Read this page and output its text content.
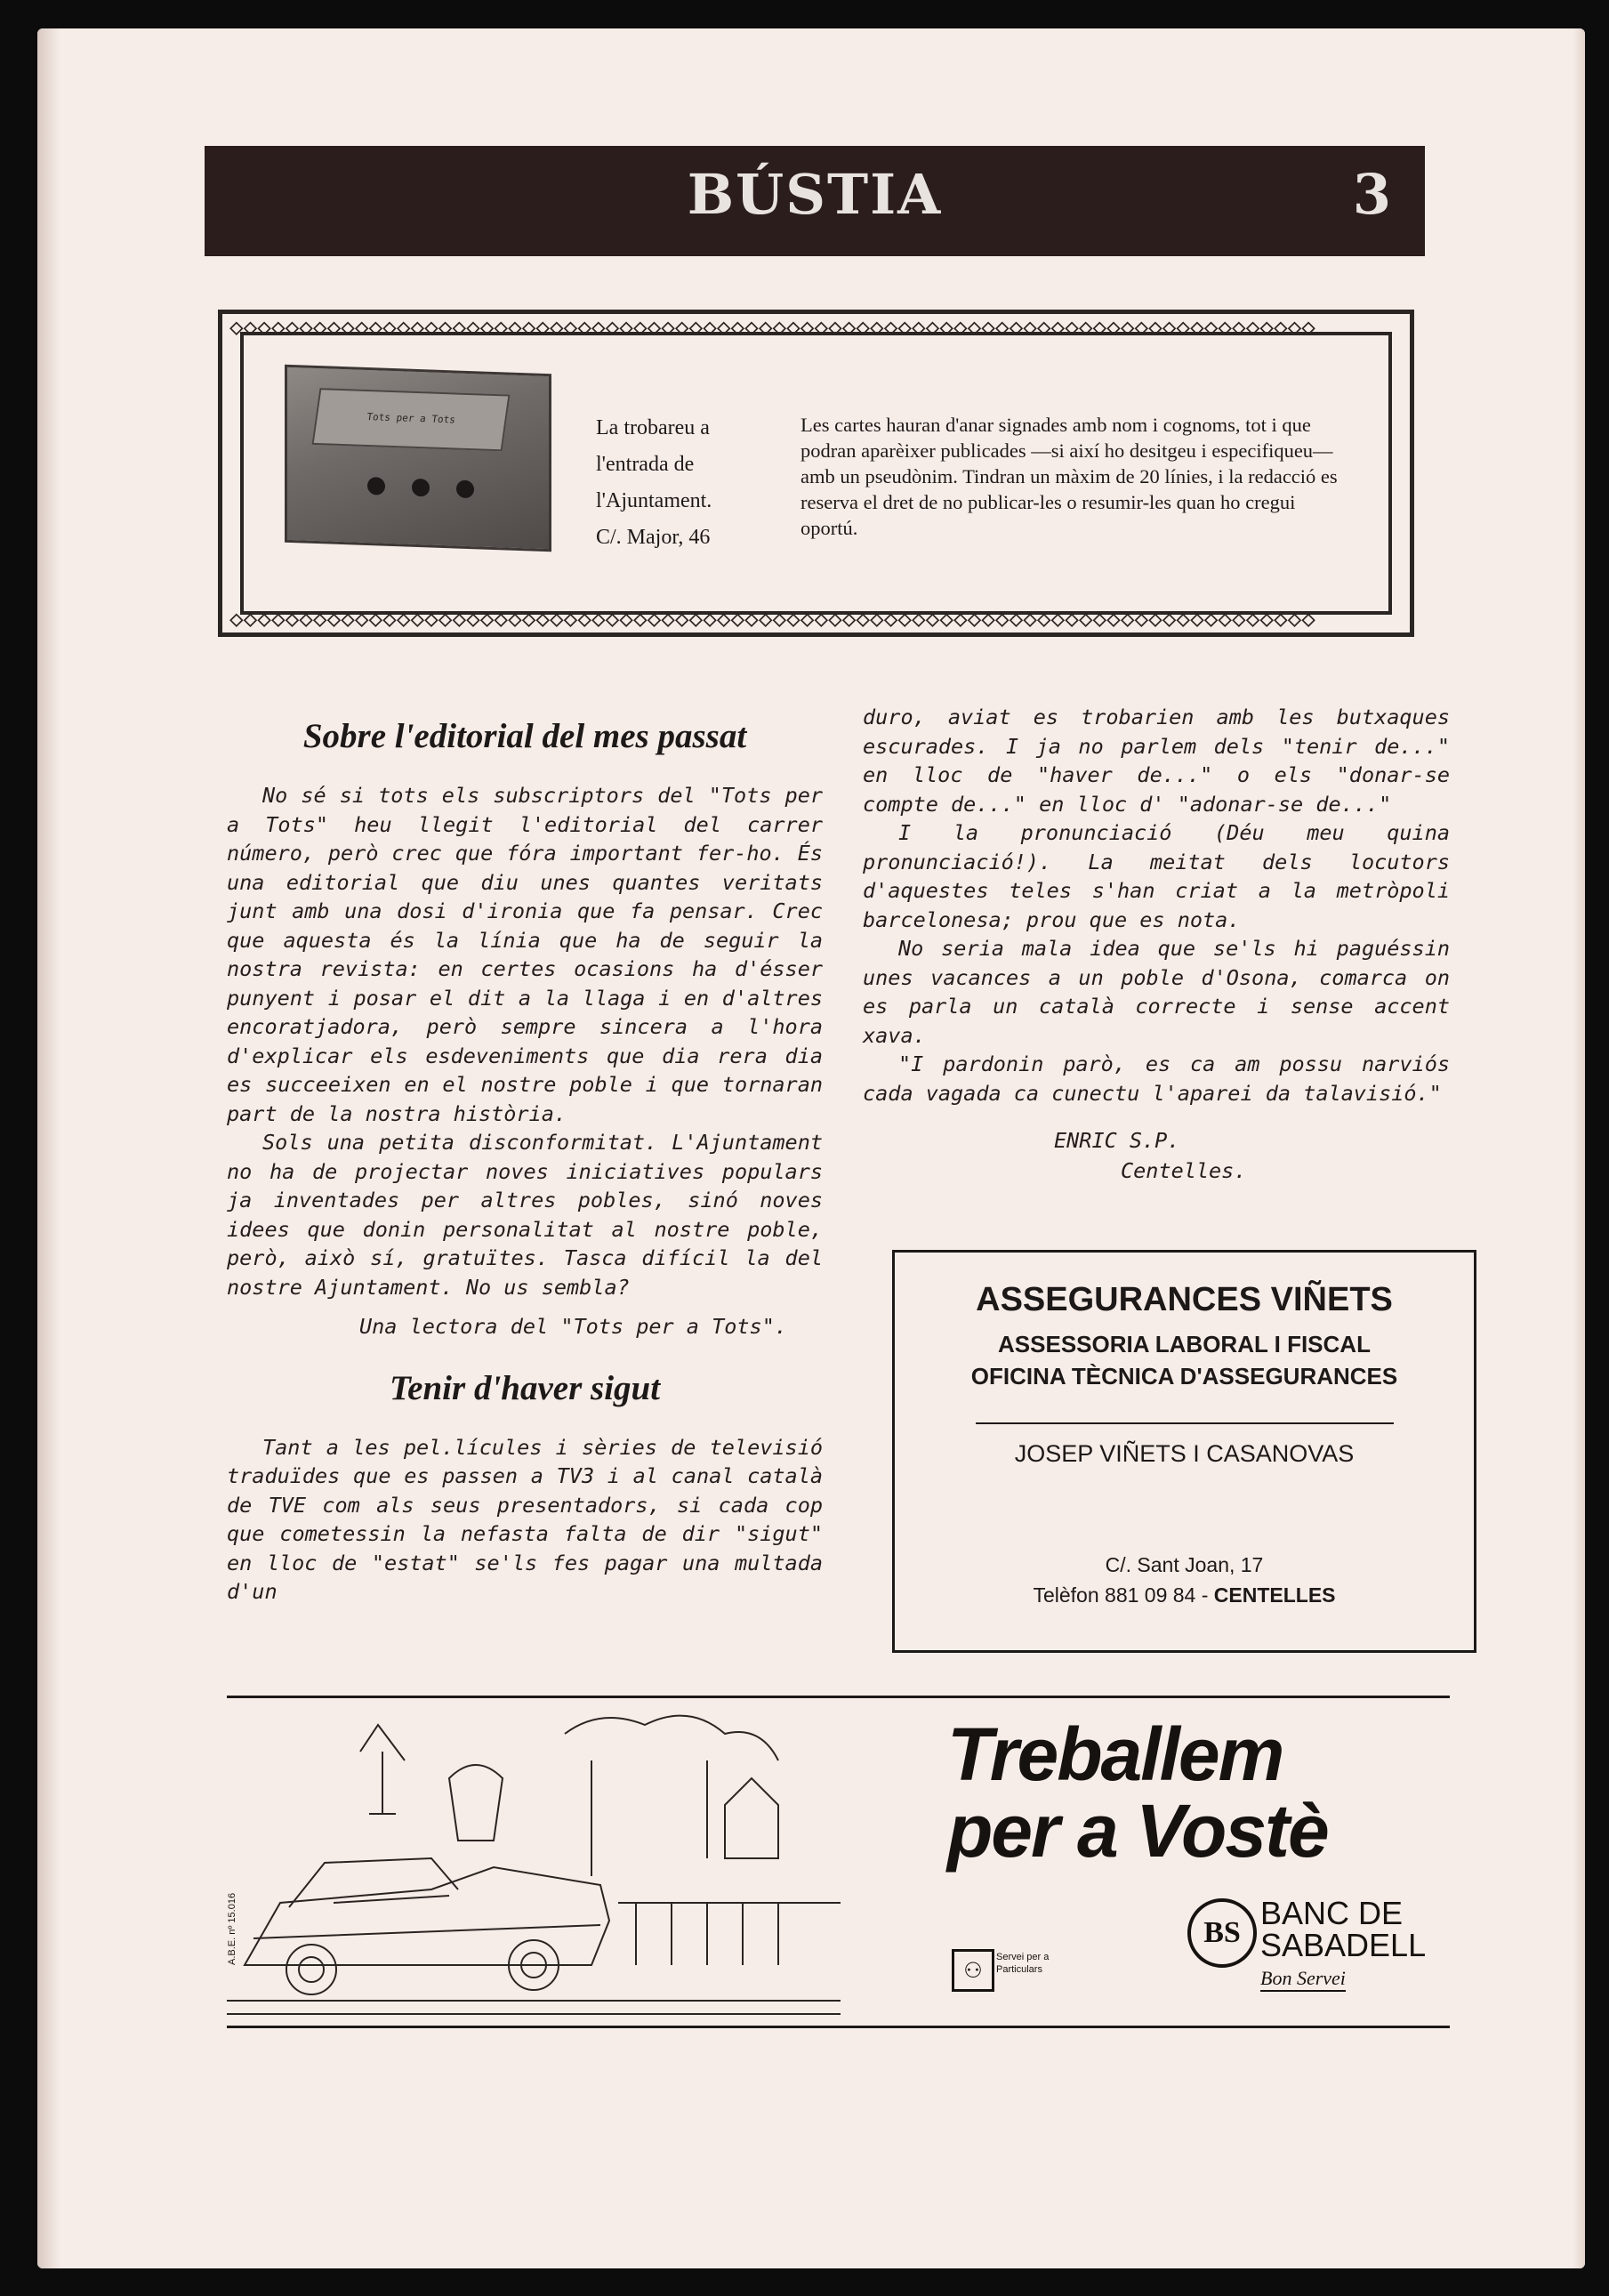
BÚSTIA	3
◇◇◇◇◇◇◇◇◇◇◇◇◇◇◇◇◇◇◇◇◇◇◇◇◇◇◇◇◇◇◇◇◇◇◇◇◇◇◇◇◇◇◇◇◇◇◇◇◇◇◇◇◇◇◇◇◇◇◇◇◇◇◇◇◇◇◇◇◇◇◇◇◇◇◇◇◇◇
◇◇◇◇◇◇◇◇◇◇◇◇◇◇◇◇◇◇◇◇◇◇◇◇◇◇◇◇◇◇◇◇◇◇◇◇◇◇◇◇◇◇◇◇◇◇◇◇◇◇◇◇◇◇◇◇◇◇◇◇◇◇◇◇◇◇◇◇◇◇◇◇◇◇◇◇◇◇
Tots per a Tots	La trobareu a
l'entrada de
l'Ajuntament.
C/. Major, 46
Les cartes hauran d'anar signades amb nom i cognoms, tot i que podran aparèixer publicades —si així ho desitgeu i especifiqueu— amb un pseudònim. Tindran un màxim de 20 línies, i la redacció es reserva el dret de no publicar-les o resumir-les quan ho cregui oportú.
Sobre l'editorial del mes passat

No sé si tots els subscriptors del "Tots per a Tots" heu llegit l'editorial del carrer número, però crec que fóra important fer-ho. És una editorial que diu unes quantes veritats junt amb una dosi d'ironia que fa pensar. Crec que aquesta és la línia que ha de seguir la nostra revista: en certes ocasions ha d'ésser punyent i posar el dit a la llaga i en d'altres encoratjadora, però sempre sincera a l'hora d'explicar els esdeveniments que dia rera dia es succeeixen en el nostre poble i que tornaran part de la nostra història.

Sols una petita disconformitat. L'Ajuntament no ha de projectar noves iniciatives populars ja inventades per altres pobles, sinó noves idees que donin personalitat al nostre poble, però, això sí, gratuïtes. Tasca difícil la del nostre Ajuntament. No us sembla?

Una lectora del "Tots per a Tots".
Tenir d'haver sigut

Tant a les pel.lícules i sèries de televisió traduïdes que es passen a TV3 i al canal català de TVE com als seus presentadors, si cada cop que cometessin la nefasta falta de dir "sigut" en lloc de "estat" se'ls fes pagar una multada d'un

duro, aviat es trobarien amb les butxaques escurades. I ja no parlem dels "tenir de..." en lloc de "haver de..." o els "donar-se compte de..." en lloc d' "adonar-se de..."

I la pronunciació (Déu meu quina pronunciació!). La meitat dels locutors d'aquestes teles s'han criat a la metròpoli barcelonesa; prou que es nota.

No seria mala idea que se'ls hi paguéssin unes vacances a un poble d'Osona, comarca on es parla un català correcte i sense accent xava.

"I pardonin parò, es ca am possu narviós cada vagada ca cunectu l'aparei da talavisió."

ENRIC S.P.
Centelles.
ASSEGURANCES VIÑETS
ASSESSORIA LABORAL I FISCAL
OFICINA TÈCNICA D'ASSEGURANCES
JOSEP VIÑETS I CASANOVAS
C/. Sant Joan, 17
Telèfon 881 09 84 - CENTELLES
A.B.E. nº 15.016
Treballem
per a Vostè
⚇
Servei per a Particulars
BS
BANC DE
SABADELL
Bon Servei
